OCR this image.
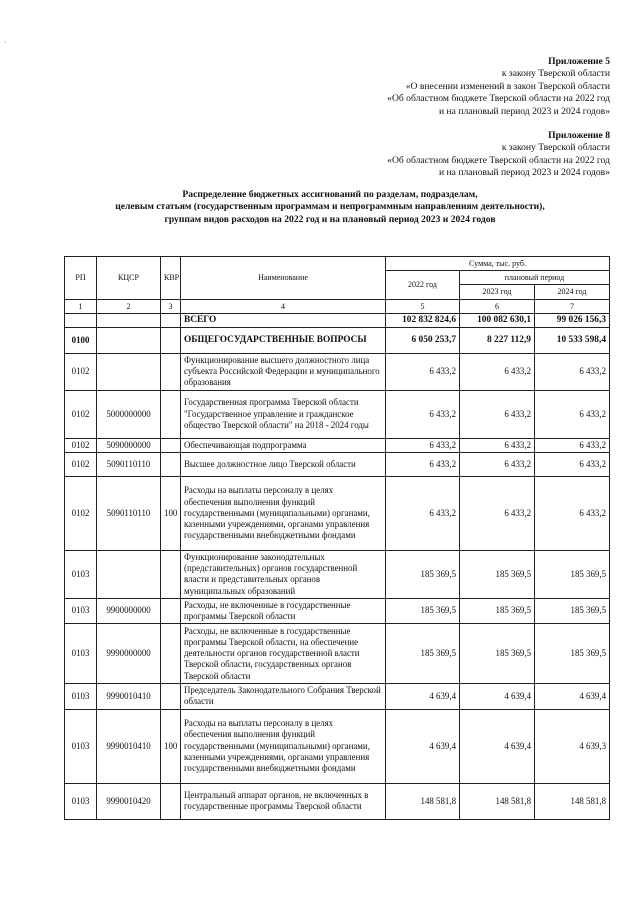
·
Приложение 5
к закону Тверской области
«О внесении изменений в закон Тверской области
«Об областном бюджете Тверской области на 2022 год
и на плановый период 2023 и 2024 годов»
Приложение 8
к закону Тверской области
«Об областном бюджете Тверской области на 2022 год
и на плановый период 2023 и 2024 годов»
Распределение бюджетных ассигнований по разделам, подразделам,
целевым статьям (государственным программам и непрограммным направлениям деятельности),
группам видов расходов на 2022 год и на плановый период 2023 и 2024 годов
РП	КЦСР	КВР	Наименование	Сумма, тыс. руб.		
				2022 год	плановый период	
					2023 год	2024 год
1	2	3	4	5	6	7
			ВСЕГО	102 832 824,6	100 082 630,1	99 026 156,3
0100			ОБЩЕГОСУДАРСТВЕННЫЕ ВОПРОСЫ	6 050 253,7	8 227 112,9	10 533 598,4
0102			Функционирование высшего должностного лица субъекта Российской Федерации и муниципального образования	6 433,2	6 433,2	6 433,2
0102	5000000000		Государственная программа Тверской области "Государственное управление и гражданское общество Тверской области" на 2018 - 2024 годы	6 433,2	6 433,2	6 433,2
0102	5090000000		Обеспечивающая подпрограмма	6 433,2	6 433,2	6 433,2
0102	5090110110		Высшее должностное лицо Тверской области	6 433,2	6 433,2	6 433,2
0102	5090110110	100	Расходы на выплаты персоналу в целях обеспечения выполнения функций государственными (муниципальными) органами, казенными учреждениями, органами управления государственными внебюджетными фондами	6 433,2	6 433,2	6 433,2
0103			Функционирование законодательных (представительных) органов государственной власти и представительных органов муниципальных образований	185 369,5	185 369,5	185 369,5
0103	9900000000		Расходы, не включенные в государственные программы Тверской области	185 369,5	185 369,5	185 369,5
0103	9990000000		Расходы, не включенные в государственные программы Тверской области, на обеспечение деятельности органов государственной власти Тверской области, государственных органов Тверской области	185 369,5	185 369,5	185 369,5
0103	9990010410		Председатель Законодательного Собрания Тверской области	4 639,4	4 639,4	4 639,4
0103	9990010410	100	Расходы на выплаты персоналу в целях обеспечения выполнения функций государственными (муниципальными) органами, казенными учреждениями, органами управления государственными внебюджетными фондами	4 639,4	4 639,4	4 639,3
0103	9990010420		Центральный аппарат органов, не включенных в государственные программы Тверской области	148 581,8	148 581,8	148 581,8
